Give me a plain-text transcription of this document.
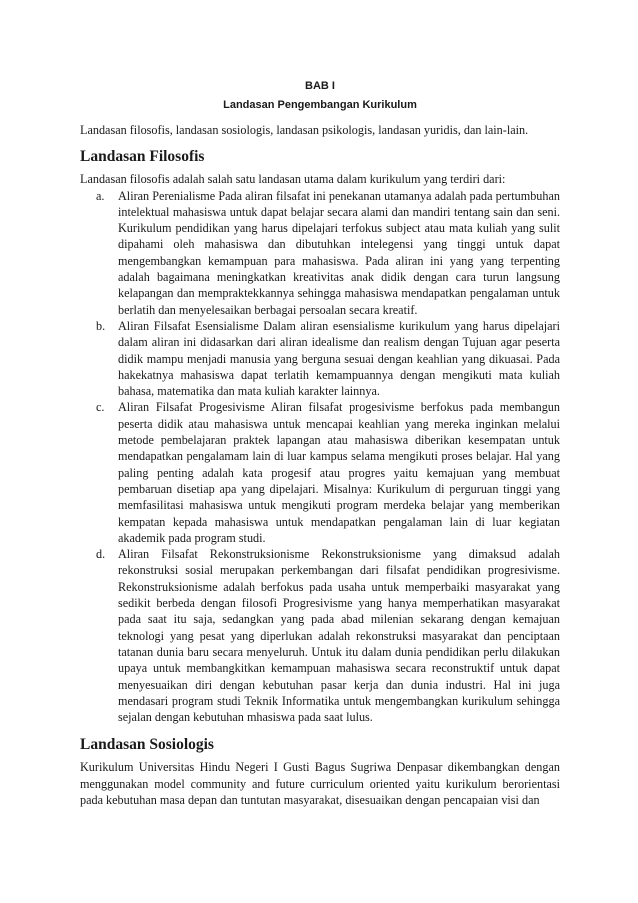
BAB I
Landasan Pengembangan Kurikulum

Landasan filosofis, landasan sosiologis, landasan psikologis, landasan yuridis, dan lain-lain.

Landasan Filosofis

Landasan filosofis adalah salah satu landasan utama dalam kurikulum yang terdiri dari:

a. Aliran Perenialisme Pada aliran filsafat ini penekanan utamanya adalah pada pertumbuhan intelektual mahasiswa untuk dapat belajar secara alami dan mandiri tentang sain dan seni. Kurikulum pendidikan yang harus dipelajari terfokus subject atau mata kuliah yang sulit dipahami oleh mahasiswa dan dibutuhkan intelegensi yang tinggi untuk dapat mengembangkan kemampuan para mahasiswa. Pada aliran ini yang yang terpenting adalah bagaimana meningkatkan kreativitas anak didik dengan cara turun langsung kelapangan dan mempraktekkannya sehingga mahasiswa mendapatkan pengalaman untuk berlatih dan menyelesaikan berbagai persoalan secara kreatif.
b. Aliran Filsafat Esensialisme Dalam aliran esensialisme kurikulum yang harus dipelajari dalam aliran ini didasarkan dari aliran idealisme dan realism dengan Tujuan agar peserta didik mampu menjadi manusia yang berguna sesuai dengan keahlian yang dikuasai. Pada hakekatnya mahasiswa dapat terlatih kemampuannya dengan mengikuti mata kuliah bahasa, matematika dan mata kuliah karakter lainnya.
c. Aliran Filsafat Progesivisme Aliran filsafat progesivisme berfokus pada membangun peserta didik atau mahasiswa untuk mencapai keahlian yang mereka inginkan melalui metode pembelajaran praktek lapangan atau mahasiswa diberikan kesempatan untuk mendapatkan pengalamam lain di luar kampus selama mengikuti proses belajar. Hal yang paling penting adalah kata progesif atau progres yaitu kemajuan yang membuat pembaruan disetiap apa yang dipelajari. Misalnya: Kurikulum di perguruan tinggi yang memfasilitasi mahasiswa untuk mengikuti program merdeka belajar yang memberikan kempatan kepada mahasiswa untuk mendapatkan pengalaman lain di luar kegiatan akademik pada program studi.
d. Aliran Filsafat Rekonstruksionisme Rekonstruksionisme yang dimaksud adalah rekonstruksi sosial merupakan perkembangan dari filsafat pendidikan progresivisme. Rekonstruksionisme adalah berfokus pada usaha untuk memperbaiki masyarakat yang sedikit berbeda dengan filosofi Progresivisme yang hanya memperhatikan masyarakat pada saat itu saja, sedangkan yang pada abad milenian sekarang dengan kemajuan teknologi yang pesat yang diperlukan adalah rekonstruksi masyarakat dan penciptaan tatanan dunia baru secara menyeluruh. Untuk itu dalam dunia pendidikan perlu dilakukan upaya untuk membangkitkan kemampuan mahasiswa secara reconstruktif untuk dapat menyesuaikan diri dengan kebutuhan pasar kerja dan dunia industri. Hal ini juga mendasari program studi Teknik Informatika untuk mengembangkan kurikulum sehingga sejalan dengan kebutuhan mhasiswa pada saat lulus.
Landasan Sosiologis

Kurikulum Universitas Hindu Negeri I Gusti Bagus Sugriwa Denpasar dikembangkan dengan menggunakan model community and future curriculum oriented yaitu kurikulum berorientasi pada kebutuhan masa depan dan tuntutan masyarakat, disesuaikan dengan pencapaian visi dan
